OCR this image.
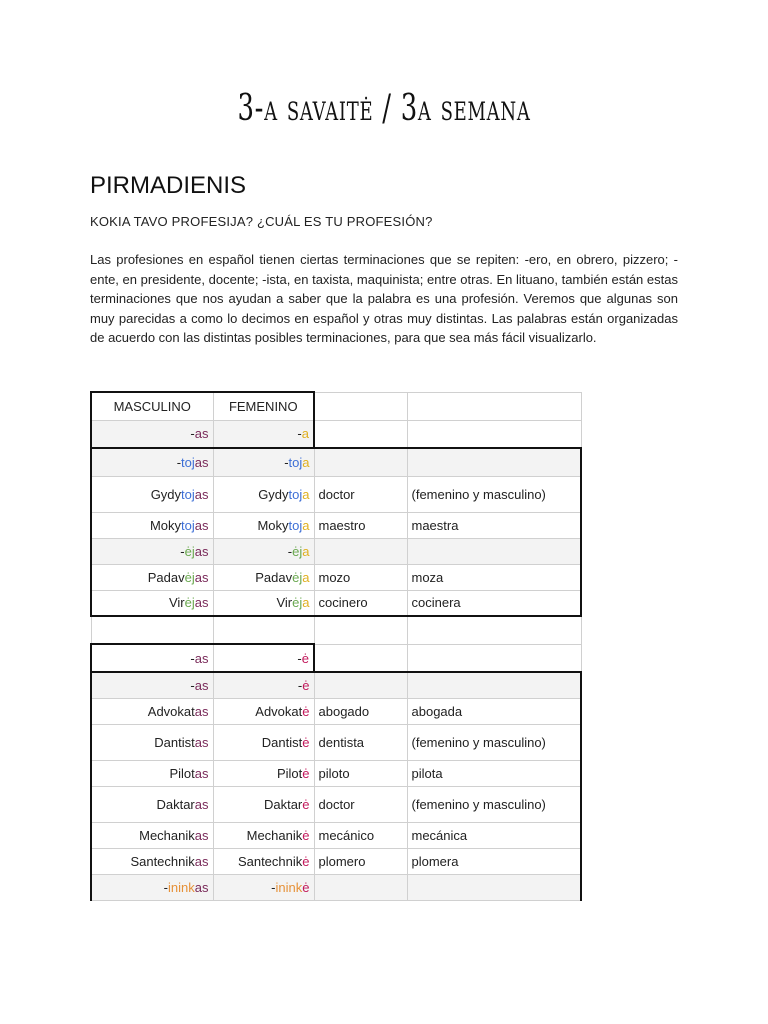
3-a savaitė / 3a semana
PIRMADIENIS
KOKIA TAVO PROFESIJA? ¿CUÁL ES TU PROFESIÓN?
Las profesiones en español tienen ciertas terminaciones que se repiten: -ero, en obrero, pizzero; -ente, en presidente, docente; -ista, en taxista, maquinista; entre otras. En lituano, también están estas terminaciones que nos ayudan a saber que la palabra es una profesión. Veremos que algunas son muy parecidas a como lo decimos en español y otras muy distintas. Las palabras están organizadas de acuerdo con las distintas posibles terminaciones, para que sea más fácil visualizarlo.
MASCULINO	FEMENINO		
-as	-a		
-tojas	-toja		
Gydytojas	Gydytoja	doctor	(femenino y masculino)
Mokytojas	Mokytoja	maestro	maestra
-ėjas	-ėja		
Padavėjas	Padavėja	mozo	moza
Virėjas	Virėja	cocinero	cocinera

-as	-ė		
-as	-ė		
Advokatas	Advokatė	abogado	abogada
Dantistas	Dantistė	dentista	(femenino y masculino)
Pilotas	Pilotė	piloto	pilota
Daktaras	Daktarė	doctor	(femenino y masculino)
Mechanikas	Mechanikė	mecánico	mecánica
Santechnikas	Santechnikė	plomero	plomera
-ininkas	-ininkė		
